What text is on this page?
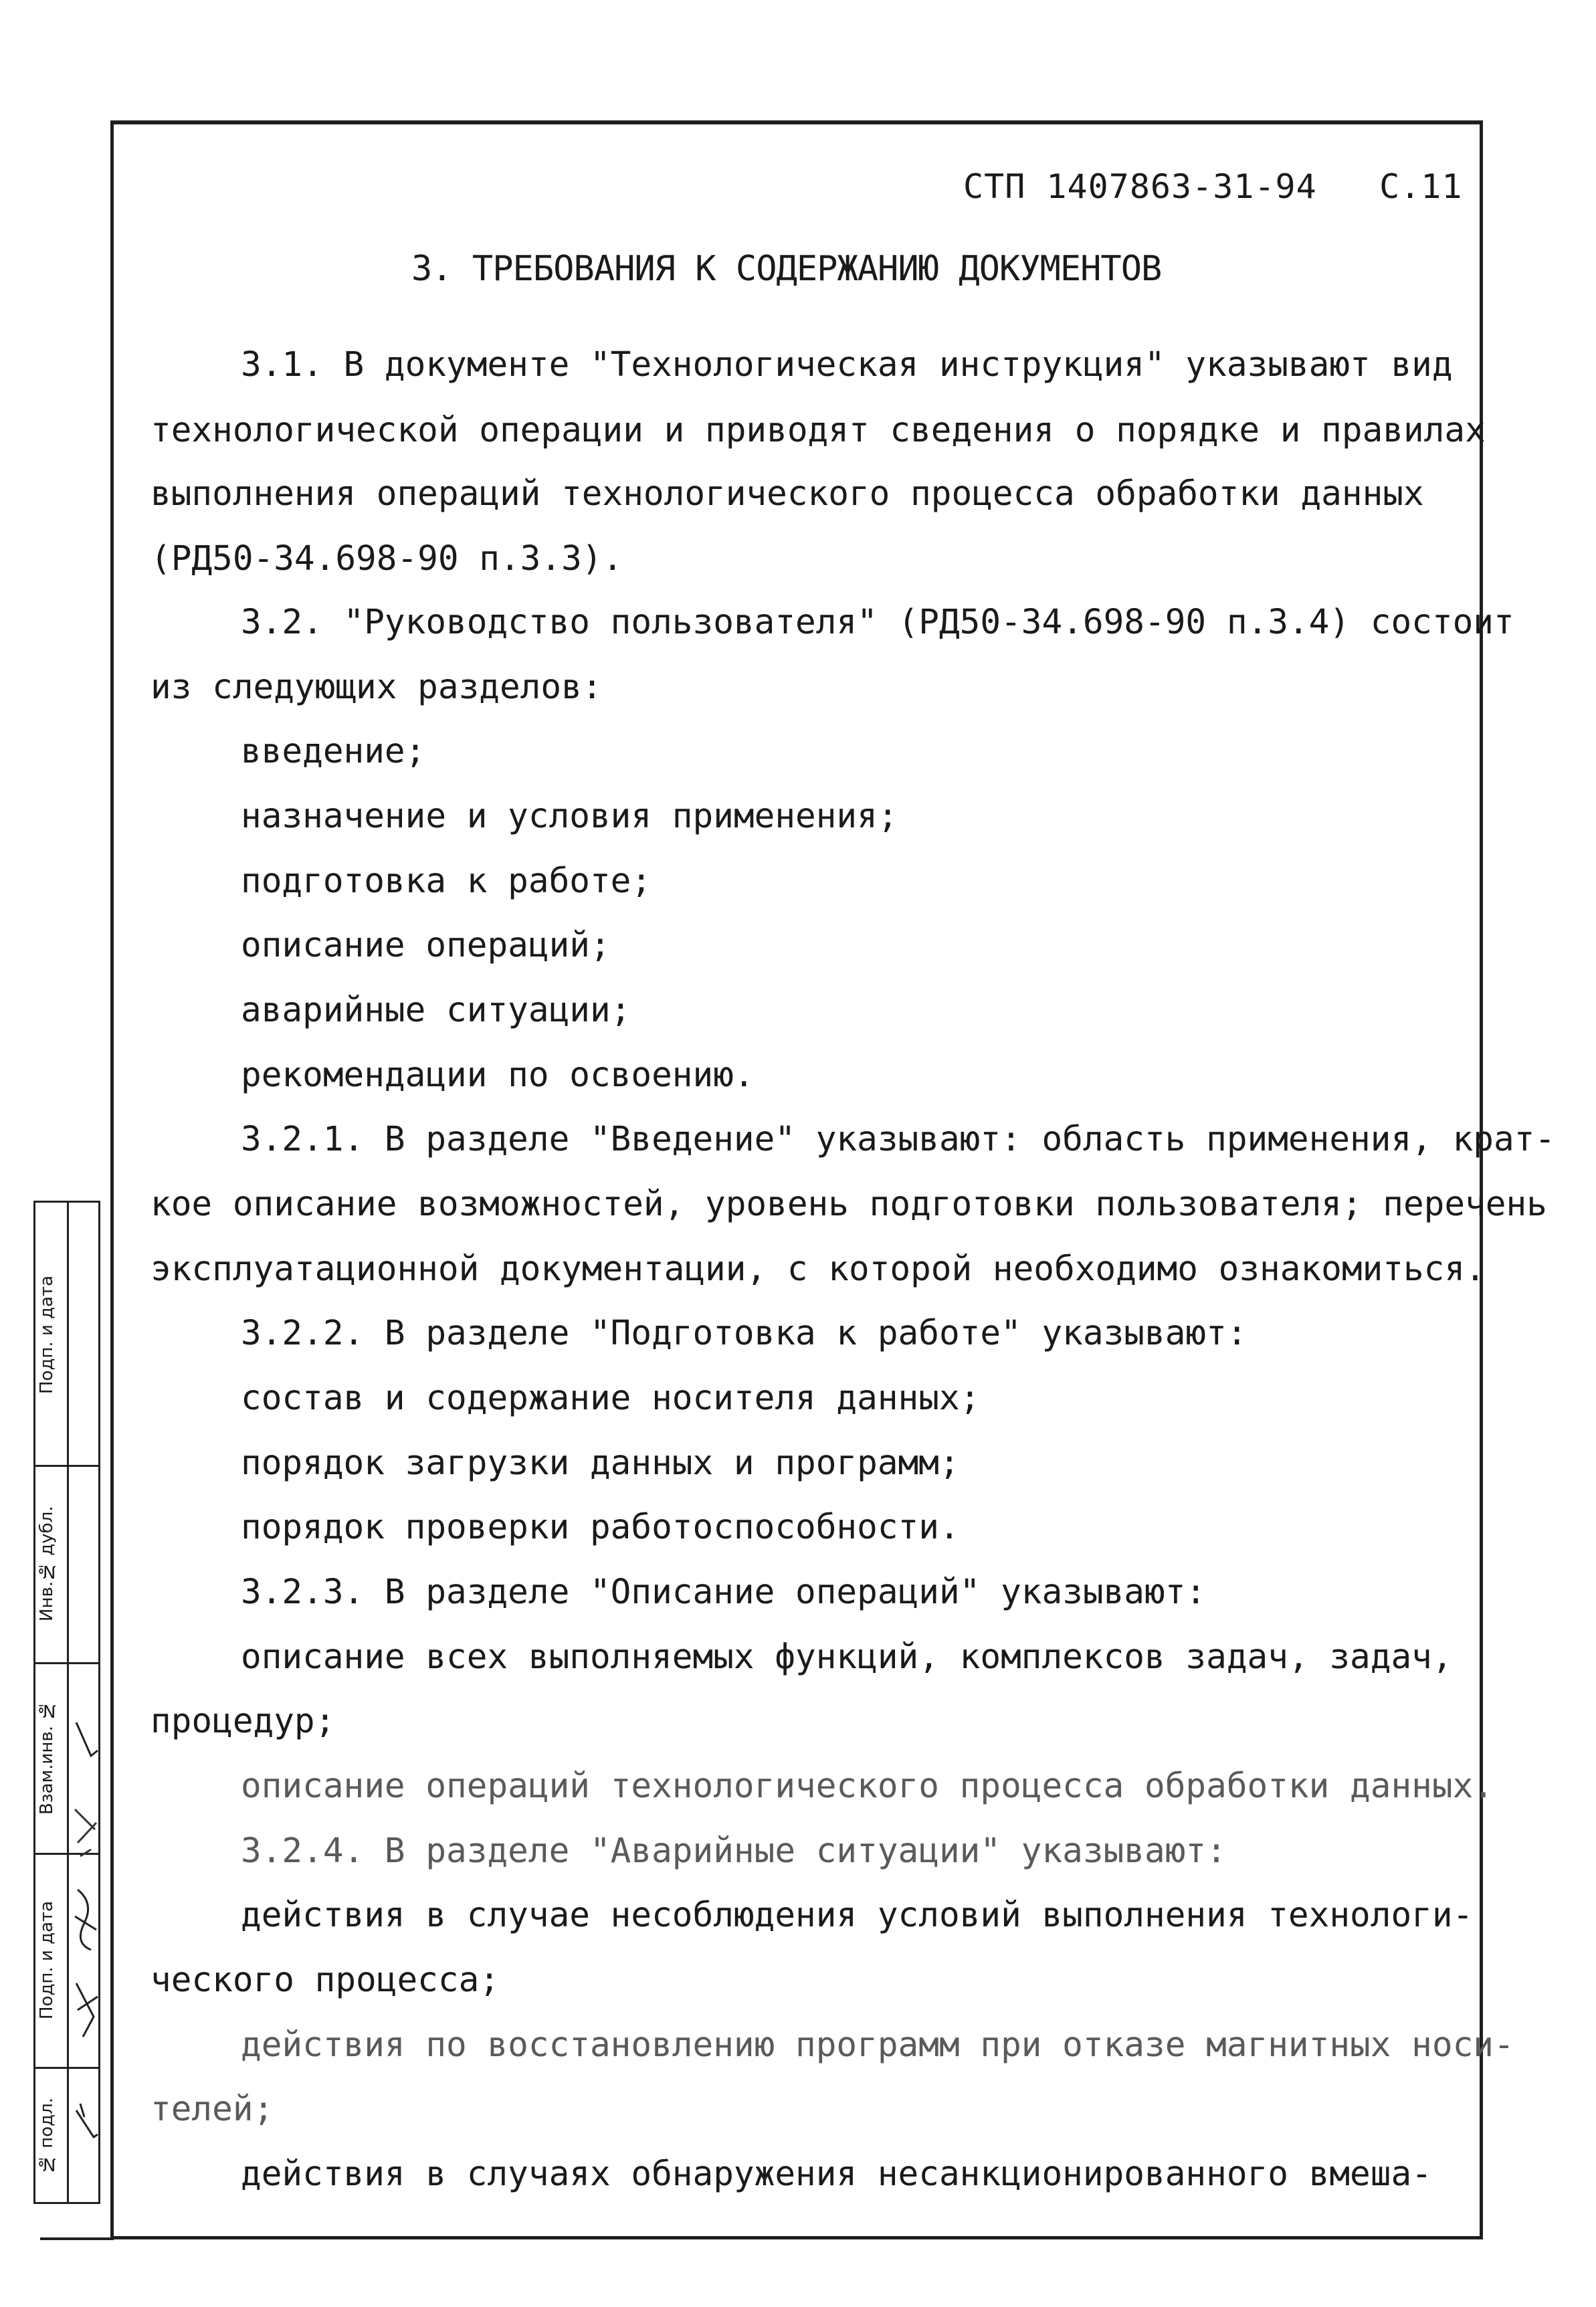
СТП 1407863-31-94 С.11
3. ТРЕБОВАНИЯ К СОДЕРЖАНИЮ ДОКУМЕНТОВ
3.1. В документе "Технологическая инструкция" указывают вид
технологической операции и приводят сведения о порядке и правилах
выполнения операций технологического процесса обработки данных
(РД50-34.698-90 п.3.3).
3.2. "Руководство пользователя" (РД50-34.698-90 п.3.4) состоит
из следующих разделов:
введение;
назначение и условия применения;
подготовка к работе;
описание операций;
аварийные ситуации;
рекомендации по освоению.
3.2.1. В разделе "Введение" указывают: область применения, крат-
кое описание возможностей, уровень подготовки пользователя; перечень
эксплуатационной документации, с которой необходимо ознакомиться.
3.2.2. В разделе "Подготовка к работе" указывают:
состав и содержание носителя данных;
порядок загрузки данных и программ;
порядок проверки работоспособности.
3.2.3. В разделе "Описание операций" указывают:
описание всех выполняемых функций, комплексов задач, задач,
процедур;
описание операций технологического процесса обработки данных.
3.2.4. В разделе "Аварийные ситуации" указывают:
действия в случае несоблюдения условий выполнения технологи-
ческого процесса;
действия по восстановлению программ при отказе магнитных носи-
телей;
действия в случаях обнаружения несанкционированного вмеша-
Подп. и дата
Инв.№ дубл.
Взам.инв. №
Подп. и дата
№ подл.
